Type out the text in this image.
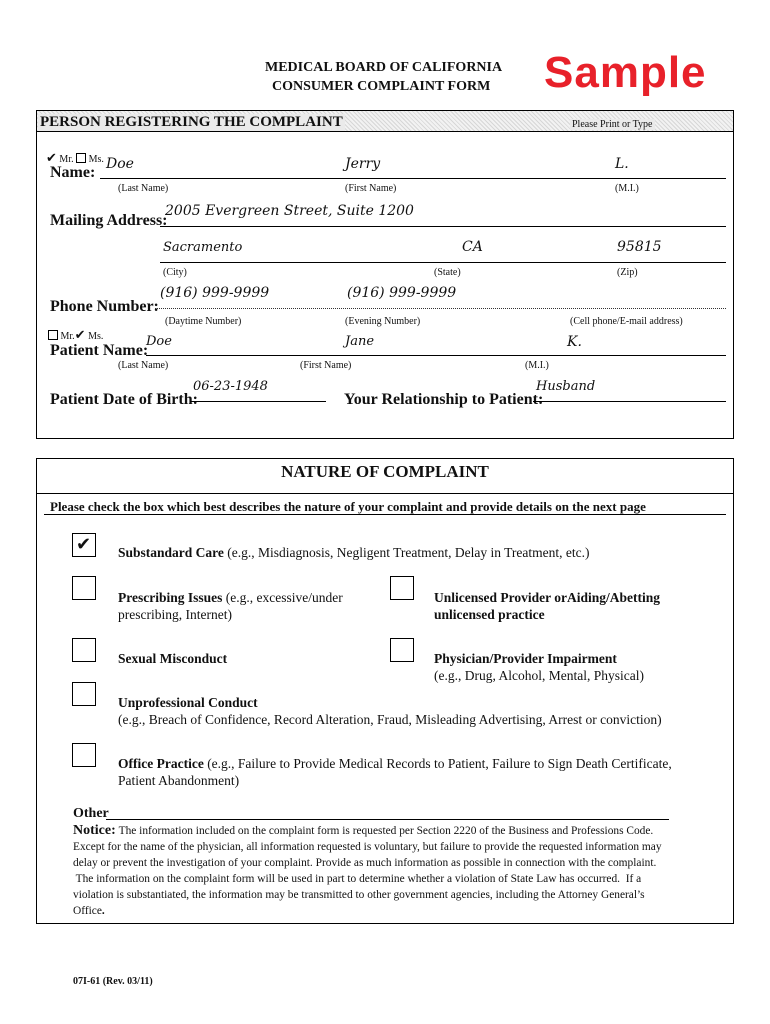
MEDICAL BOARD OF CALIFORNIA
CONSUMER COMPLAINT FORM Sample
PERSON REGISTERING THE COMPLAINT	Please Print or Type
✔ Mr. Ms.
Name: Doe	Jerry	L.
(Last Name)	(First Name)	(M.I.)
Mailing Address:
2005 Evergreen Street, Suite 1200
Sacramento	CA	95815
(City)	(State)	(Zip)
(916) 999-9999	(916) 999-9999
Phone Number:
(Daytime Number)	(Evening Number)	(Cell phone/E-mail address)
Mr.✔ Ms.
Patient Name:
Doe	Jane	K.
(Last Name)	(First Name)	(M.I.)
06-23-1948
Patient Date of Birth:
Husband
Your Relationship to Patient:
NATURE OF COMPLAINT
Please check the box which best describes the nature of your complaint and provide details on the next page
✔ Substandard Care (e.g., Misdiagnosis, Negligent Treatment, Delay in Treatment, etc.)
Prescribing Issues (e.g., excessive/under
prescribing, Internet)
Unlicensed Provider orAiding/Abetting
unlicensed practice
Sexual Misconduct	Physician/Provider Impairment
(e.g., Drug, Alcohol, Mental, Physical)
Unprofessional Conduct
(e.g., Breach of Confidence, Record Alteration, Fraud, Misleading Advertising, Arrest or conviction)
Office Practice (e.g., Failure to Provide Medical Records to Patient, Failure to Sign Death Certificate,
Patient Abandonment)
Other
Notice: The information included on the complaint form is requested per Section 2220 of the Business and Professions Code.
Except for the name of the physician, all information requested is voluntary, but failure to provide the requested information may
delay or prevent the investigation of your complaint. Provide as much information as possible in connection with the complaint.
The information on the complaint form will be used in part to determine whether a violation of State Law has occurred.  If a
violation is substantiated, the information may be transmitted to other government agencies, including the Attorney General’s
Office.
07I-61 (Rev. 03/11)
